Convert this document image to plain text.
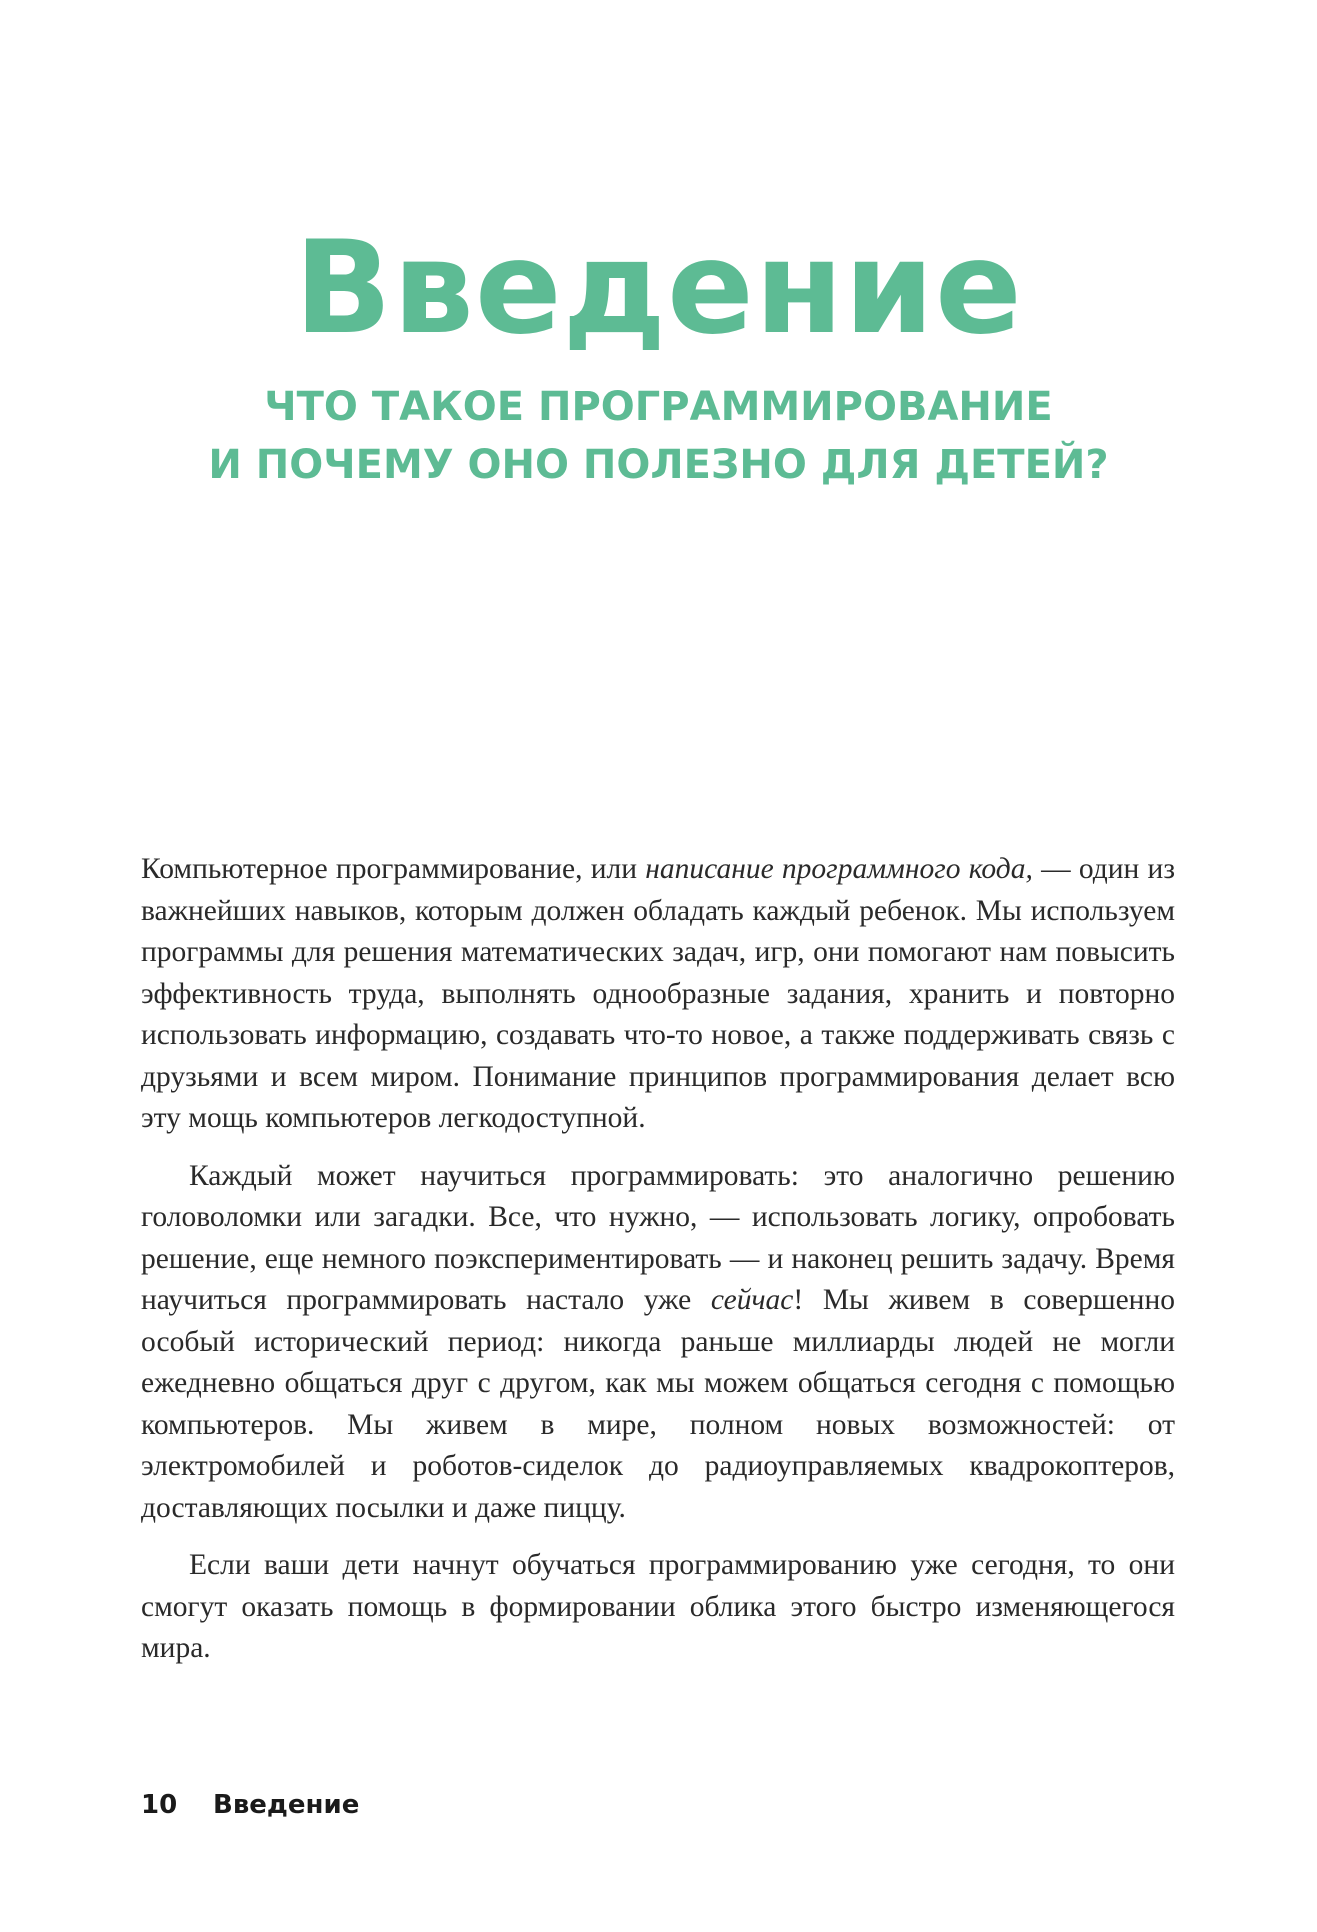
Введение
ЧТО ТАКОЕ ПРОГРАММИРОВАНИЕ
И ПОЧЕМУ ОНО ПОЛЕЗНО ДЛЯ ДЕТЕЙ?

Компьютерное программирование, или написание программного кода, — один из важнейших навыков, которым должен обладать каждый ребенок. Мы используем программы для решения математических задач, игр, они помогают нам повысить эффективность труда, выполнять однообразные задания, хранить и повторно использовать информацию, создавать что-то новое, а также поддерживать связь с друзьями и всем миром. Понимание принципов программирования делает всю эту мощь компьютеров легкодоступной.

Каждый может научиться программировать: это аналогично решению головоломки или загадки. Все, что нужно, — использовать логику, опробовать решение, еще немного поэкспериментировать — и наконец решить задачу. Время научиться программировать настало уже сейчас! Мы живем в совершенно особый исторический период: никогда раньше миллиарды людей не могли ежедневно общаться друг с другом, как мы можем общаться сегодня с помощью компьютеров. Мы живем в мире, полном новых возможностей: от электромобилей и роботов-сиделок до радиоуправляемых квадрокоптеров, доставляющих посылки и даже пиццу.

Если ваши дети начнут обучаться программированию уже сегодня, то они смогут оказать помощь в формировании облика этого быстро изменяющегося мира.

10 Введение
